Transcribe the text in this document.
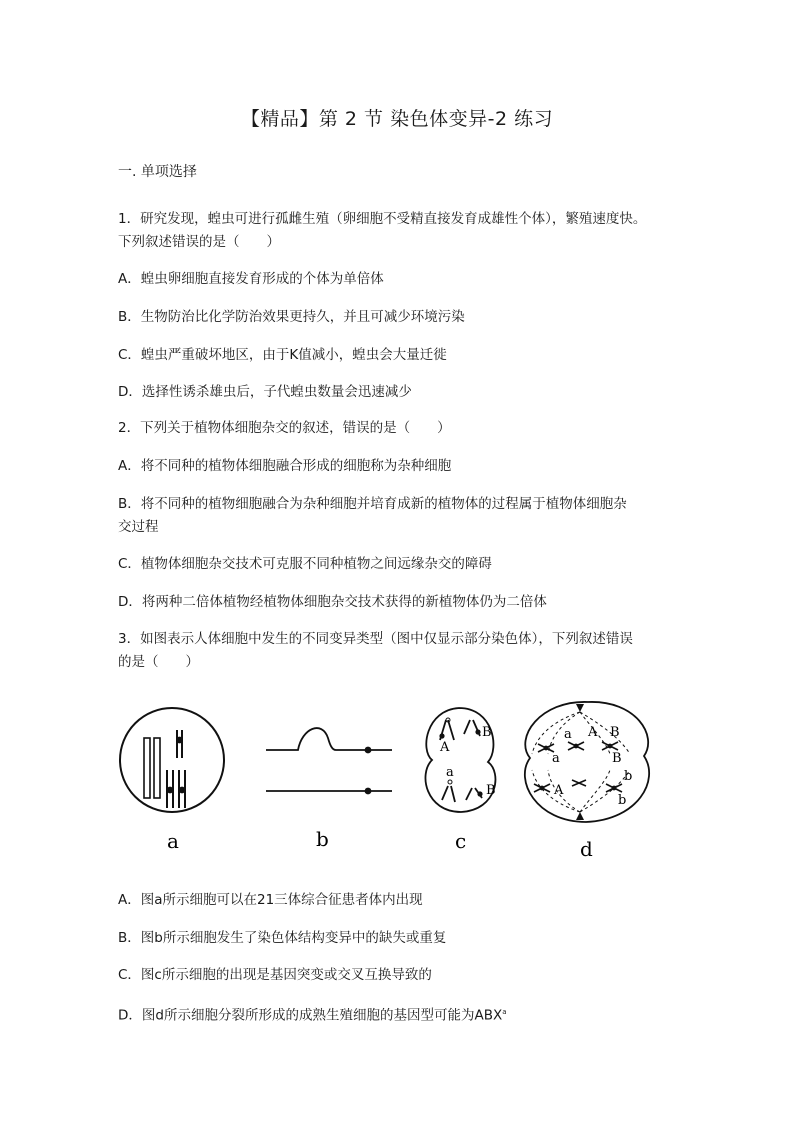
【精品】第 2 节 染色体变异-2 练习
一. 单项选择
1．研究发现，蝗虫可进行孤雌生殖（卵细胞不受精直接发育成雄性个体），繁殖速度快。
下列叙述错误的是（　　）
A．蝗虫卵细胞直接发育形成的个体为单倍体
B．生物防治比化学防治效果更持久，并且可减少环境污染
C．蝗虫严重破坏地区，由于K值减小，蝗虫会大量迁徙
D．选择性诱杀雄虫后，子代蝗虫数量会迅速减少
2．下列关于植物体细胞杂交的叙述，错误的是（　　）
A．将不同种的植物体细胞融合形成的细胞称为杂种细胞
B．将不同种的植物细胞融合为杂种细胞并培育成新的植物体的过程属于植物体细胞杂
交过程
C．植物体细胞杂交技术可克服不同种植物之间远缘杂交的障碍
D．将两种二倍体植物经植物体细胞杂交技术获得的新植物体仍为二倍体
3．如图表示人体细胞中发生的不同变异类型（图中仅显示部分染色体），下列叙述错误
的是（　　）
a	b
A
B
a
B
c
a A B
a	B
b
A
b
d
A．图a所示细胞可以在21三体综合征患者体内出现
B．图b所示细胞发生了染色体结构变异中的缺失或重复
C．图c所示细胞的出现是基因突变或交叉互换导致的
D．图d所示细胞分裂所形成的成熟生殖细胞的基因型可能为ABX$^a$
